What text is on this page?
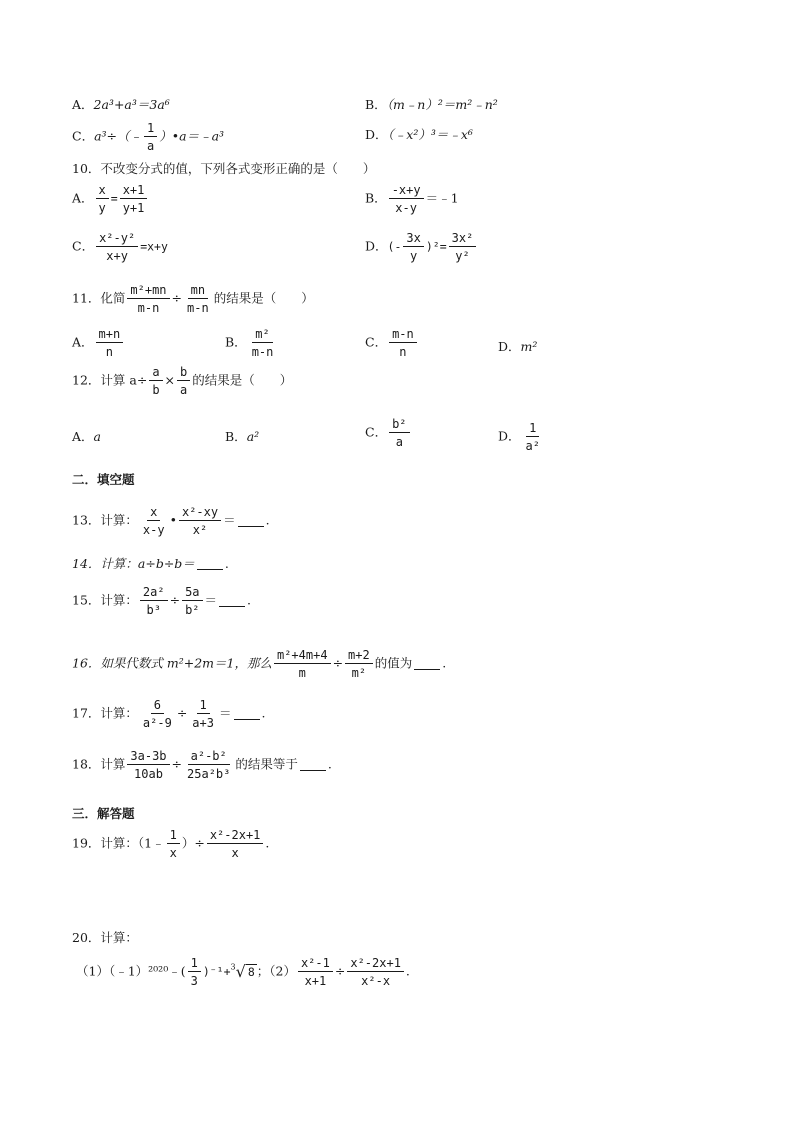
A．2a³+a³＝3a⁶	B．（m﹣n）²＝m²﹣n²
C．a³÷（﹣ $\frac{1}{a}$ ）•a＝﹣a³	D．（﹣x²）³＝﹣x⁶
10．不改变分式的值，下列各式变形正确的是（　　）
A． $\frac{x}{y} = \frac{x+1}{y+1}$	B． $\frac{-x+y}{x-y}$ ＝﹣1
C． $\frac{\text{x²-y²}}{x+y} =x+y$	D．(- $\frac{3x}{y} )^2= \frac{\text{3x²}}{\text{y²}}$
11．化简 $\frac{\text{m²+mn}}{m-n} \div \frac{mn}{m-n}$ 的结果是（　　）
A． $\frac{m+n}{n}$	B． $\frac{\text{m²}}{m-n}$	C． $\frac{m-n}{n}$	D．m²
12．计算 $a\div \frac{a}{b} \times \frac{b}{a}$ 的结果是（　　）
A．a	B．a²	C． $\frac{\text{b²}}{a}$	D． $\frac{1}{\text{a²}}$
二．填空题
13．计算： $\frac{x}{x-y}$ • $\frac{\text{x²-xy}}{\text{x²}}$ ＝ .
14．计算：a÷b÷b＝ .
15．计算： $\frac{\text{2a²}}{\text{b³}} \div \frac{5a}{\text{b²}}$ ＝ .
16．如果代数式 m²+2m＝1，那么 $\frac{\text{m²+4m+4}}{m} \div \frac{m+2}{\text{m²}}$ 的值为 .
17．计算： $\frac{6}{\text{a²-9}} \div \frac{1}{a+3}$ ＝ .
18．计算 $\frac{3a-3b}{10ab} \div \frac{\text{a²-b²}}{\text{25a²b³}}$ 的结果等于 .
三．解答题
19．计算：（1﹣ $\frac{1}{x}$ ）÷ $\frac{\text{x²-2x+1}}{x}$ .
20．计算：
（1）（﹣1）²⁰²⁰﹣( $\frac{1}{3} )^{-1}+^3√$ 8 ；$(2) \frac{\text{x²-1}}{x+1} \div \frac{\text{x²-2x+1}}{\text{x²-x}}$ .
